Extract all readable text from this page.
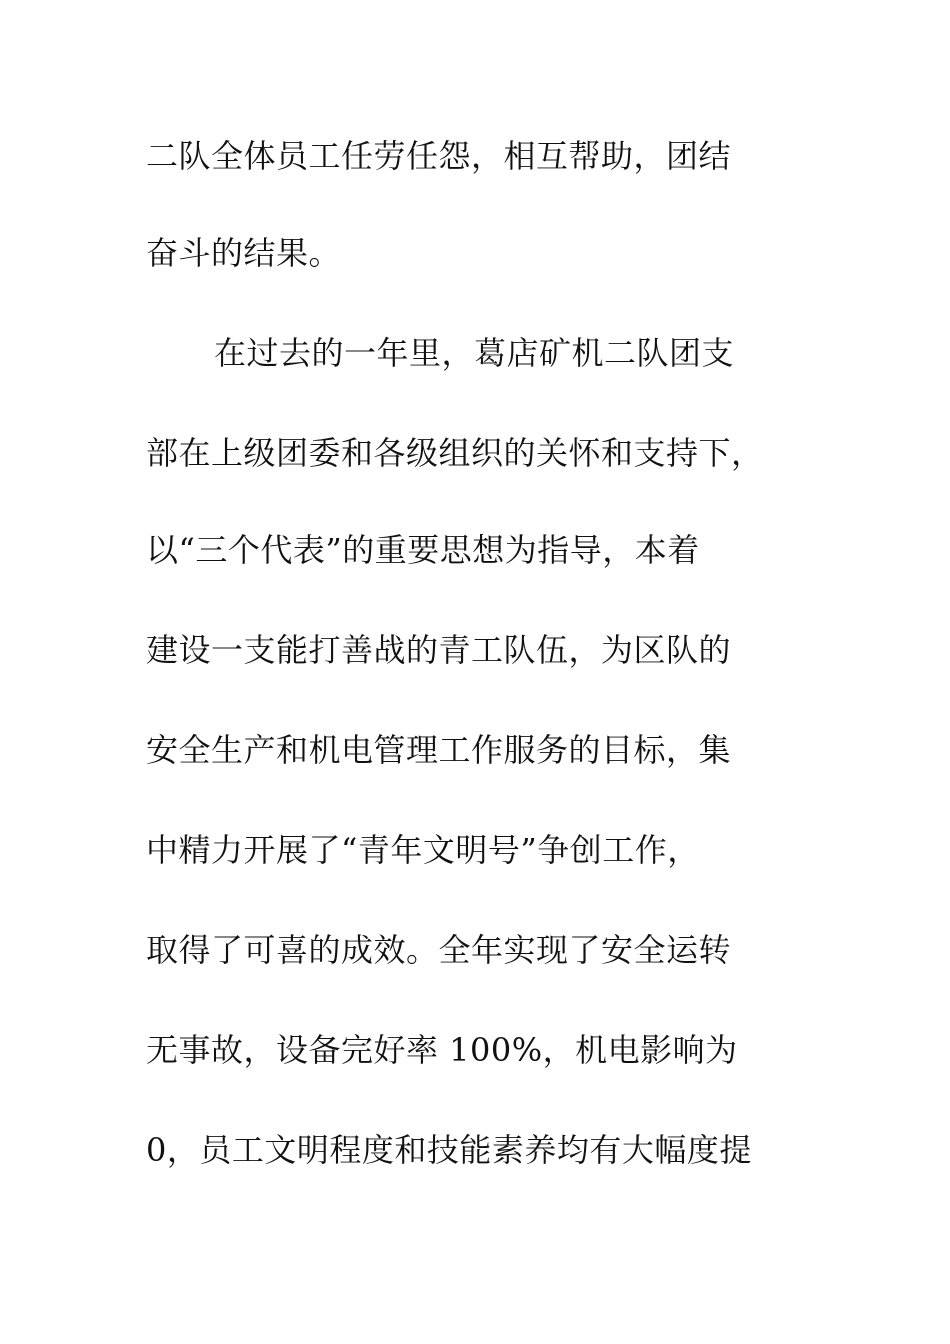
二队全体员工任劳任怨，相互帮助，团结
奋斗的结果。
在过去的一年里，葛店矿机二队团支
部在上级团委和各级组织的关怀和支持下，
以“三个代表”的重要思想为指导，本着
建设一支能打善战的青工队伍，为区队的
安全生产和机电管理工作服务的目标，集
中精力开展了“青年文明号”争创工作，
取得了可喜的成效。全年实现了安全运转
无事故，设备完好率 100%，机电影响为
0，员工文明程度和技能素养均有大幅度提
